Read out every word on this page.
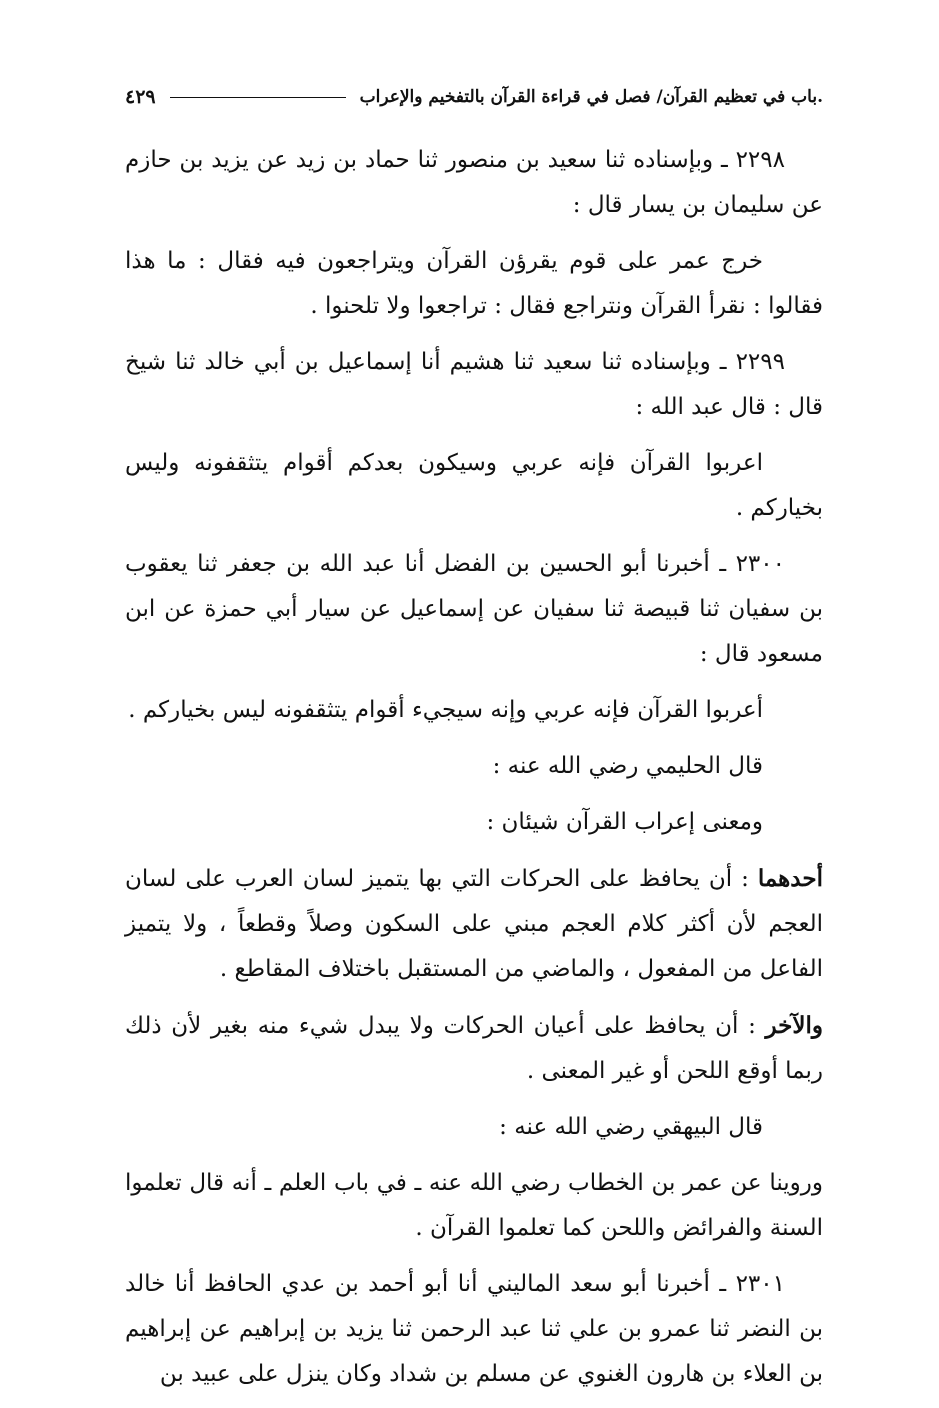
.باب في تعظيم القرآن/ فصل في قراءة القرآن بالتفخيم والإعراب
٤٢٩

٢٢٩٨ ـ وبإسناده ثنا سعيد بن منصور ثنا حماد بن زيد عن يزيد بن حازم عن سليمان بن يسار قال :

خرج عمر على قوم يقرؤن القرآن ويتراجعون فيه فقال : ما هذا فقالوا : نقرأ القرآن ونتراجع فقال : تراجعوا ولا تلحنوا .

٢٢٩٩ ـ وبإسناده ثنا سعيد ثنا هشيم أنا إسماعيل بن أبي خالد ثنا شيخ قال : قال عبد الله :

اعربوا القرآن فإنه عربي وسيكون بعدكم أقوام يتثقفونه وليس بخياركم .

٢٣٠٠ ـ أخبرنا أبو الحسين بن الفضل أنا عبد الله بن جعفر ثنا يعقوب بن سفيان ثنا قبيصة ثنا سفيان عن إسماعيل عن سيار أبي حمزة عن ابن مسعود قال :

أعربوا القرآن فإنه عربي وإنه سيجيء أقوام يتثقفونه ليس بخياركم .

قال الحليمي رضي الله عنه :

ومعنى إعراب القرآن شيئان :

أحدهما : أن يحافظ على الحركات التي بها يتميز لسان العرب على لسان العجم لأن أكثر كلام العجم مبني على السكون وصلاً وقطعاً ، ولا يتميز الفاعل من المفعول ، والماضي من المستقبل باختلاف المقاطع .

والآخر : أن يحافظ على أعيان الحركات ولا يبدل شيء منه بغير لأن ذلك ربما أوقع اللحن أو غير المعنى .

قال البيهقي رضي الله عنه :

وروينا عن عمر بن الخطاب رضي الله عنه ـ في باب العلم ـ أنه قال تعلموا السنة والفرائض واللحن كما تعلموا القرآن .

٢٣٠١ ـ أخبرنا أبو سعد الماليني أنا أبو أحمد بن عدي الحافظ أنا خالد بن النضر ثنا عمرو بن علي ثنا عبد الرحمن ثنا يزيد بن إبراهيم عن إبراهيم بن العلاء بن هارون الغنوي عن مسلم بن شداد وكان ينزل على عبيد بن
